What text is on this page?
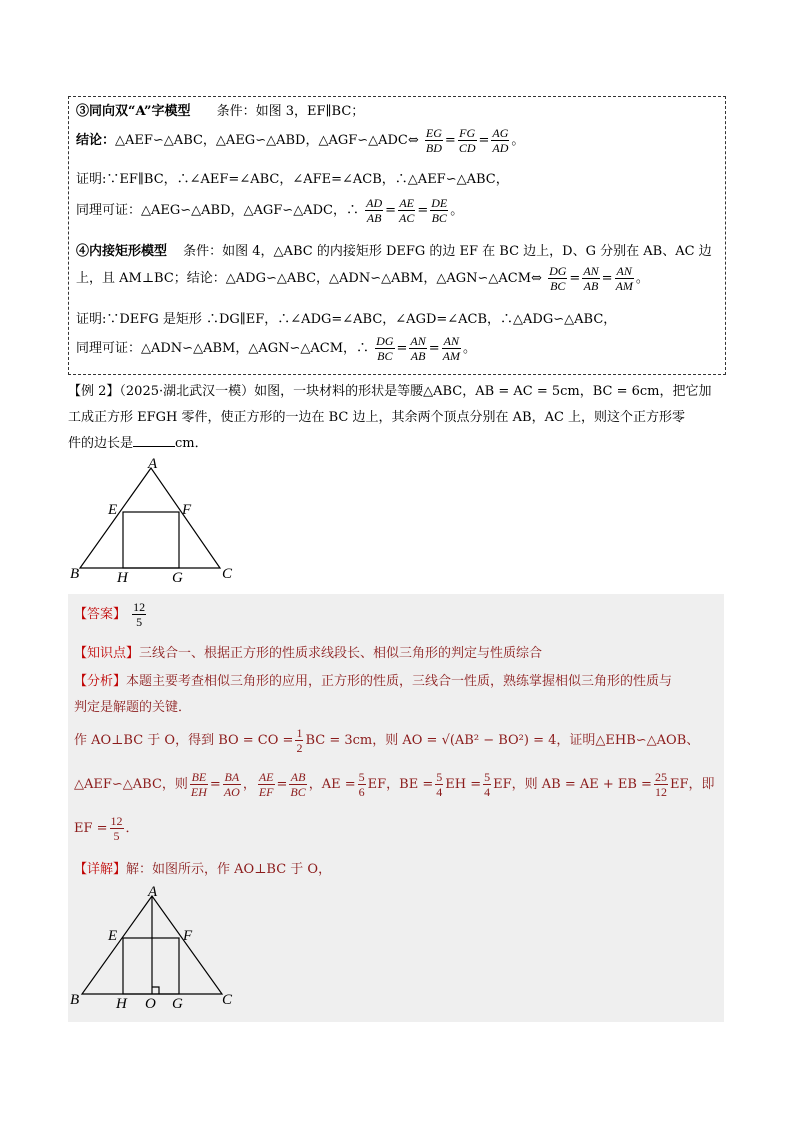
③同向双“A”字模型 条件：如图 3，EF∥BC；
结论：△AEF∽△ABC，△AEG∽△ABD，△AGF∽△ADC⇔ $\frac{EG}{BD} = \frac{FG}{CD} = \frac{AG}{AD}$ 。
证明:∵EF∥BC，∴∠AEF=∠ABC，∠AFE=∠ACB，∴△AEF∽△ABC，
同理可证：△AEG∽△ABD，△AGF∽△ADC，∴ $\frac{AD}{AB} = \frac{AE}{AC} = \frac{DE}{BC}$ 。
④内接矩形模型 条件：如图 4，△ABC 的内接矩形 DEFG 的边 EF 在 BC 边上，D、G 分别在 AB、AC 边
上，且 AM⊥BC；结论：△ADG∽△ABC，△ADN∽△ABM，△AGN∽△ACM⇔ $\frac{DG}{BC} = \frac{AN}{AB} = \frac{AN}{AM}$ 。
证明:∵DEFG 是矩形 ∴DG∥EF，∴∠ADG=∠ABC，∠AGD=∠ACB，∴△ADG∽△ABC，
同理可证：△ADN∽△ABM，△AGN∽△ACM，∴ $\frac{DG}{BC} = \frac{AN}{AB} = \frac{AN}{AM}$ 。
【例 2】（2025·湖北武汉一模）如图，一块材料的形状是等腰△ABC，AB = AC = 5cm，BC = 6cm，把它加
工成正方形 EFGH 零件，使正方形的一边在 BC 边上，其余两个顶点分别在 AB，AC 上，则这个正方形零
件的边长是	cm．
A
E	F
B	H	G	C
【答案】 $\frac{12}{5}$
【知识点】三线合一、根据正方形的性质求线段长、相似三角形的判定与性质综合
【分析】本题主要考查相似三角形的应用，正方形的性质，三线合一性质，熟练掌握相似三角形的性质与
判定是解题的关键．
作 AO⊥BC 于 O，得到 BO = CO = $\frac{1}{2}$ BC = 3cm，则 AO = √(AB² − BO²) = 4，证明△EHB∽△AOB、
△AEF∽△ABC，则 $\frac{BE}{EH} = \frac{BA}{AO}$ ， $\frac{AE}{EF} = \frac{AB}{BC}$ ，AE = $\frac{5}{6}$ EF，BE = $\frac{5}{4}$ EH = $\frac{5}{4}$ EF，则 AB = AE + EB = $\frac{25}{12}$ EF，即
EF = $\frac{12}{5}$ ．
【详解】解：如图所示，作 AO⊥BC 于 O，
A
E	F
B H O G	C
